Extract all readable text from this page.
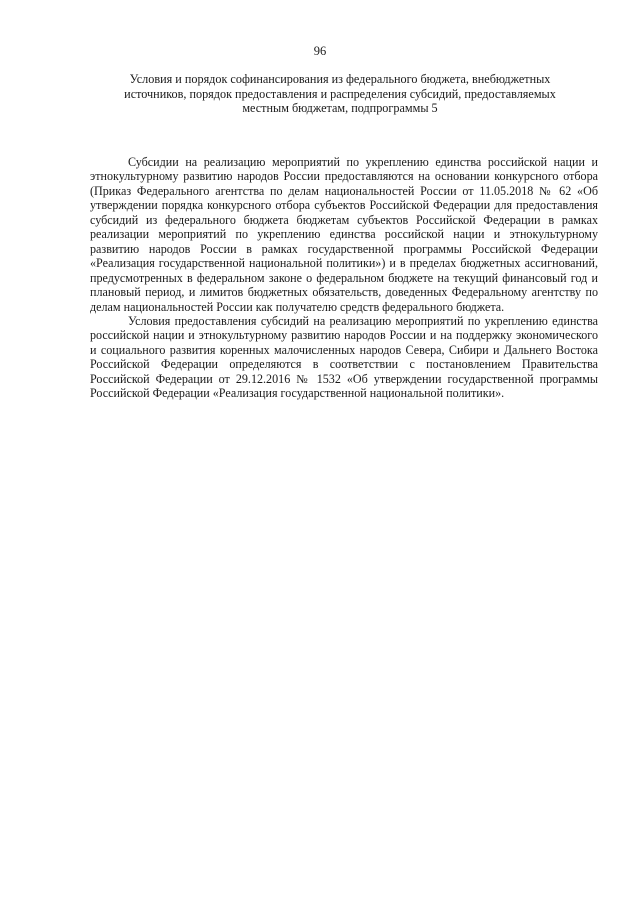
96
Условия и порядок софинансирования из федерального бюджета, внебюджетных источников, порядок предоставления и распределения субсидий, предоставляемых местным бюджетам, подпрограммы 5

Субсидии на реализацию мероприятий по укреплению единства российской нации и этнокультурному развитию народов России предоставляются на основании конкурсного отбора (Приказ Федерального агентства по делам национальностей России от 11.05.2018 № 62 «Об утверждении порядка конкурсного отбора субъектов Российской Федерации для предоставления субсидий из федерального бюджета бюджетам субъектов Российской Федерации в рамках реализации мероприятий по укреплению единства российской нации и этнокультурному развитию народов России в рамках государственной программы Российской Федерации «Реализация государственной национальной политики») и в пределах бюджетных ассигнований, предусмотренных в федеральном законе о федеральном бюджете на текущий финансовый год и плановый период, и лимитов бюджетных обязательств, доведенных Федеральному агентству по делам национальностей России как получателю средств федерального бюджета.

Условия предоставления субсидий на реализацию мероприятий по укреплению единства российской нации и этнокультурному развитию народов России и на поддержку экономического и социального развития коренных малочисленных народов Севера, Сибири и Дальнего Востока Российской Федерации определяются в соответствии с постановлением Правительства Российской Федерации от 29.12.2016 № 1532 «Об утверждении государственной программы Российской Федерации «Реализация государственной национальной политики».
